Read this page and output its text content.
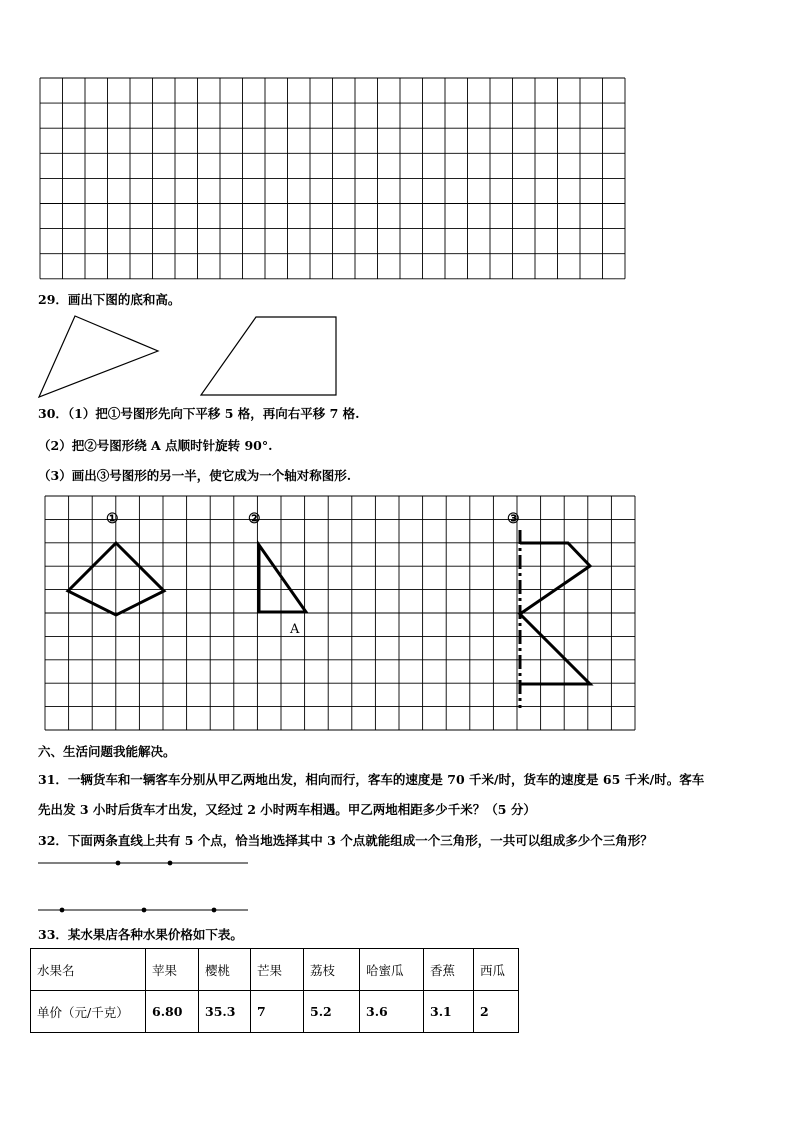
29．画出下图的底和高。
30．（1）把①号图形先向下平移 5 格，再向右平移 7 格.
（2）把②号图形绕 A 点顺时针旋转 90°.
（3）画出③号图形的另一半，使它成为一个轴对称图形.
①	②	③
A
六、生活问题我能解决。
31．一辆货车和一辆客车分别从甲乙两地出发，相向而行，客车的速度是 70 千米/时，货车的速度是 65 千米/时。客车
先出发 3 小时后货车才出发，又经过 2 小时两车相遇。甲乙两地相距多少千米？（5 分）
32．下面两条直线上共有 5 个点，恰当地选择其中 3 个点就能组成一个三角形，一共可以组成多少个三角形？
33．某水果店各种水果价格如下表。
水果名	苹果	樱桃	芒果	荔枝	哈蜜瓜	香蕉	西瓜
单价（元/千克）	6.80	35.3	7	5.2	3.6	3.1	2
